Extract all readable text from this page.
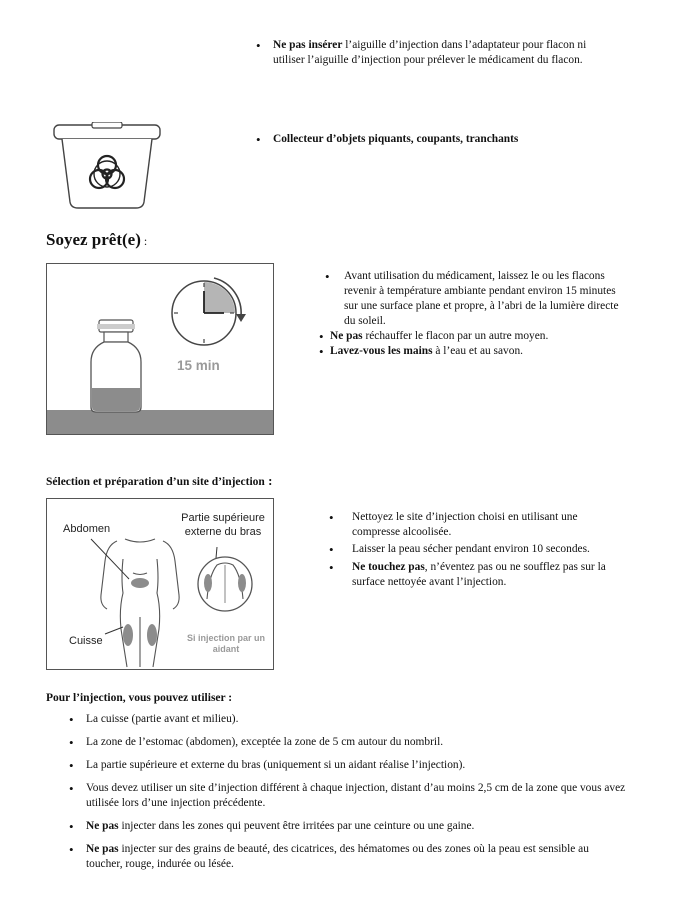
• Ne pas insérer l’aiguille d’injection dans l’adaptateur pour flacon ni utiliser l’aiguille d’injection pour prélever le médicament du flacon.
• Collecteur d’objets piquants, coupants, tranchants
Soyez prêt(e) :
15 min
• Avant utilisation du médicament, laissez le ou les flacons revenir à température ambiante pendant environ 15 minutes sur une surface plane et propre, à l’abri de la lumière directe du soleil.
• Ne pas réchauffer le flacon par un autre moyen.
• Lavez-vous les mains à l’eau et au savon.
Sélection et préparation d’un site d’injection :
Abdomen
Partie supérieure externe du bras
Cuisse	Si injection par un aidant
• Nettoyez le site d’injection choisi en utilisant une compresse alcoolisée.
• Laisser la peau sécher pendant environ 10 secondes.
• Ne touchez pas, n’éventez pas ou ne soufflez pas sur la surface nettoyée avant l’injection.
Pour l’injection, vous pouvez utiliser :
• La cuisse (partie avant et milieu).
• La zone de l’estomac (abdomen), exceptée la zone de 5 cm autour du nombril.
• La partie supérieure et externe du bras (uniquement si un aidant réalise l’injection).
• Vous devez utiliser un site d’injection différent à chaque injection, distant d’au moins 2,5 cm de la zone que vous avez utilisée lors d’une injection précédente.
• Ne pas injecter dans les zones qui peuvent être irritées par une ceinture ou une gaine.
• Ne pas injecter sur des grains de beauté, des cicatrices, des hématomes ou des zones où la peau est sensible au toucher, rouge, indurée ou lésée.
